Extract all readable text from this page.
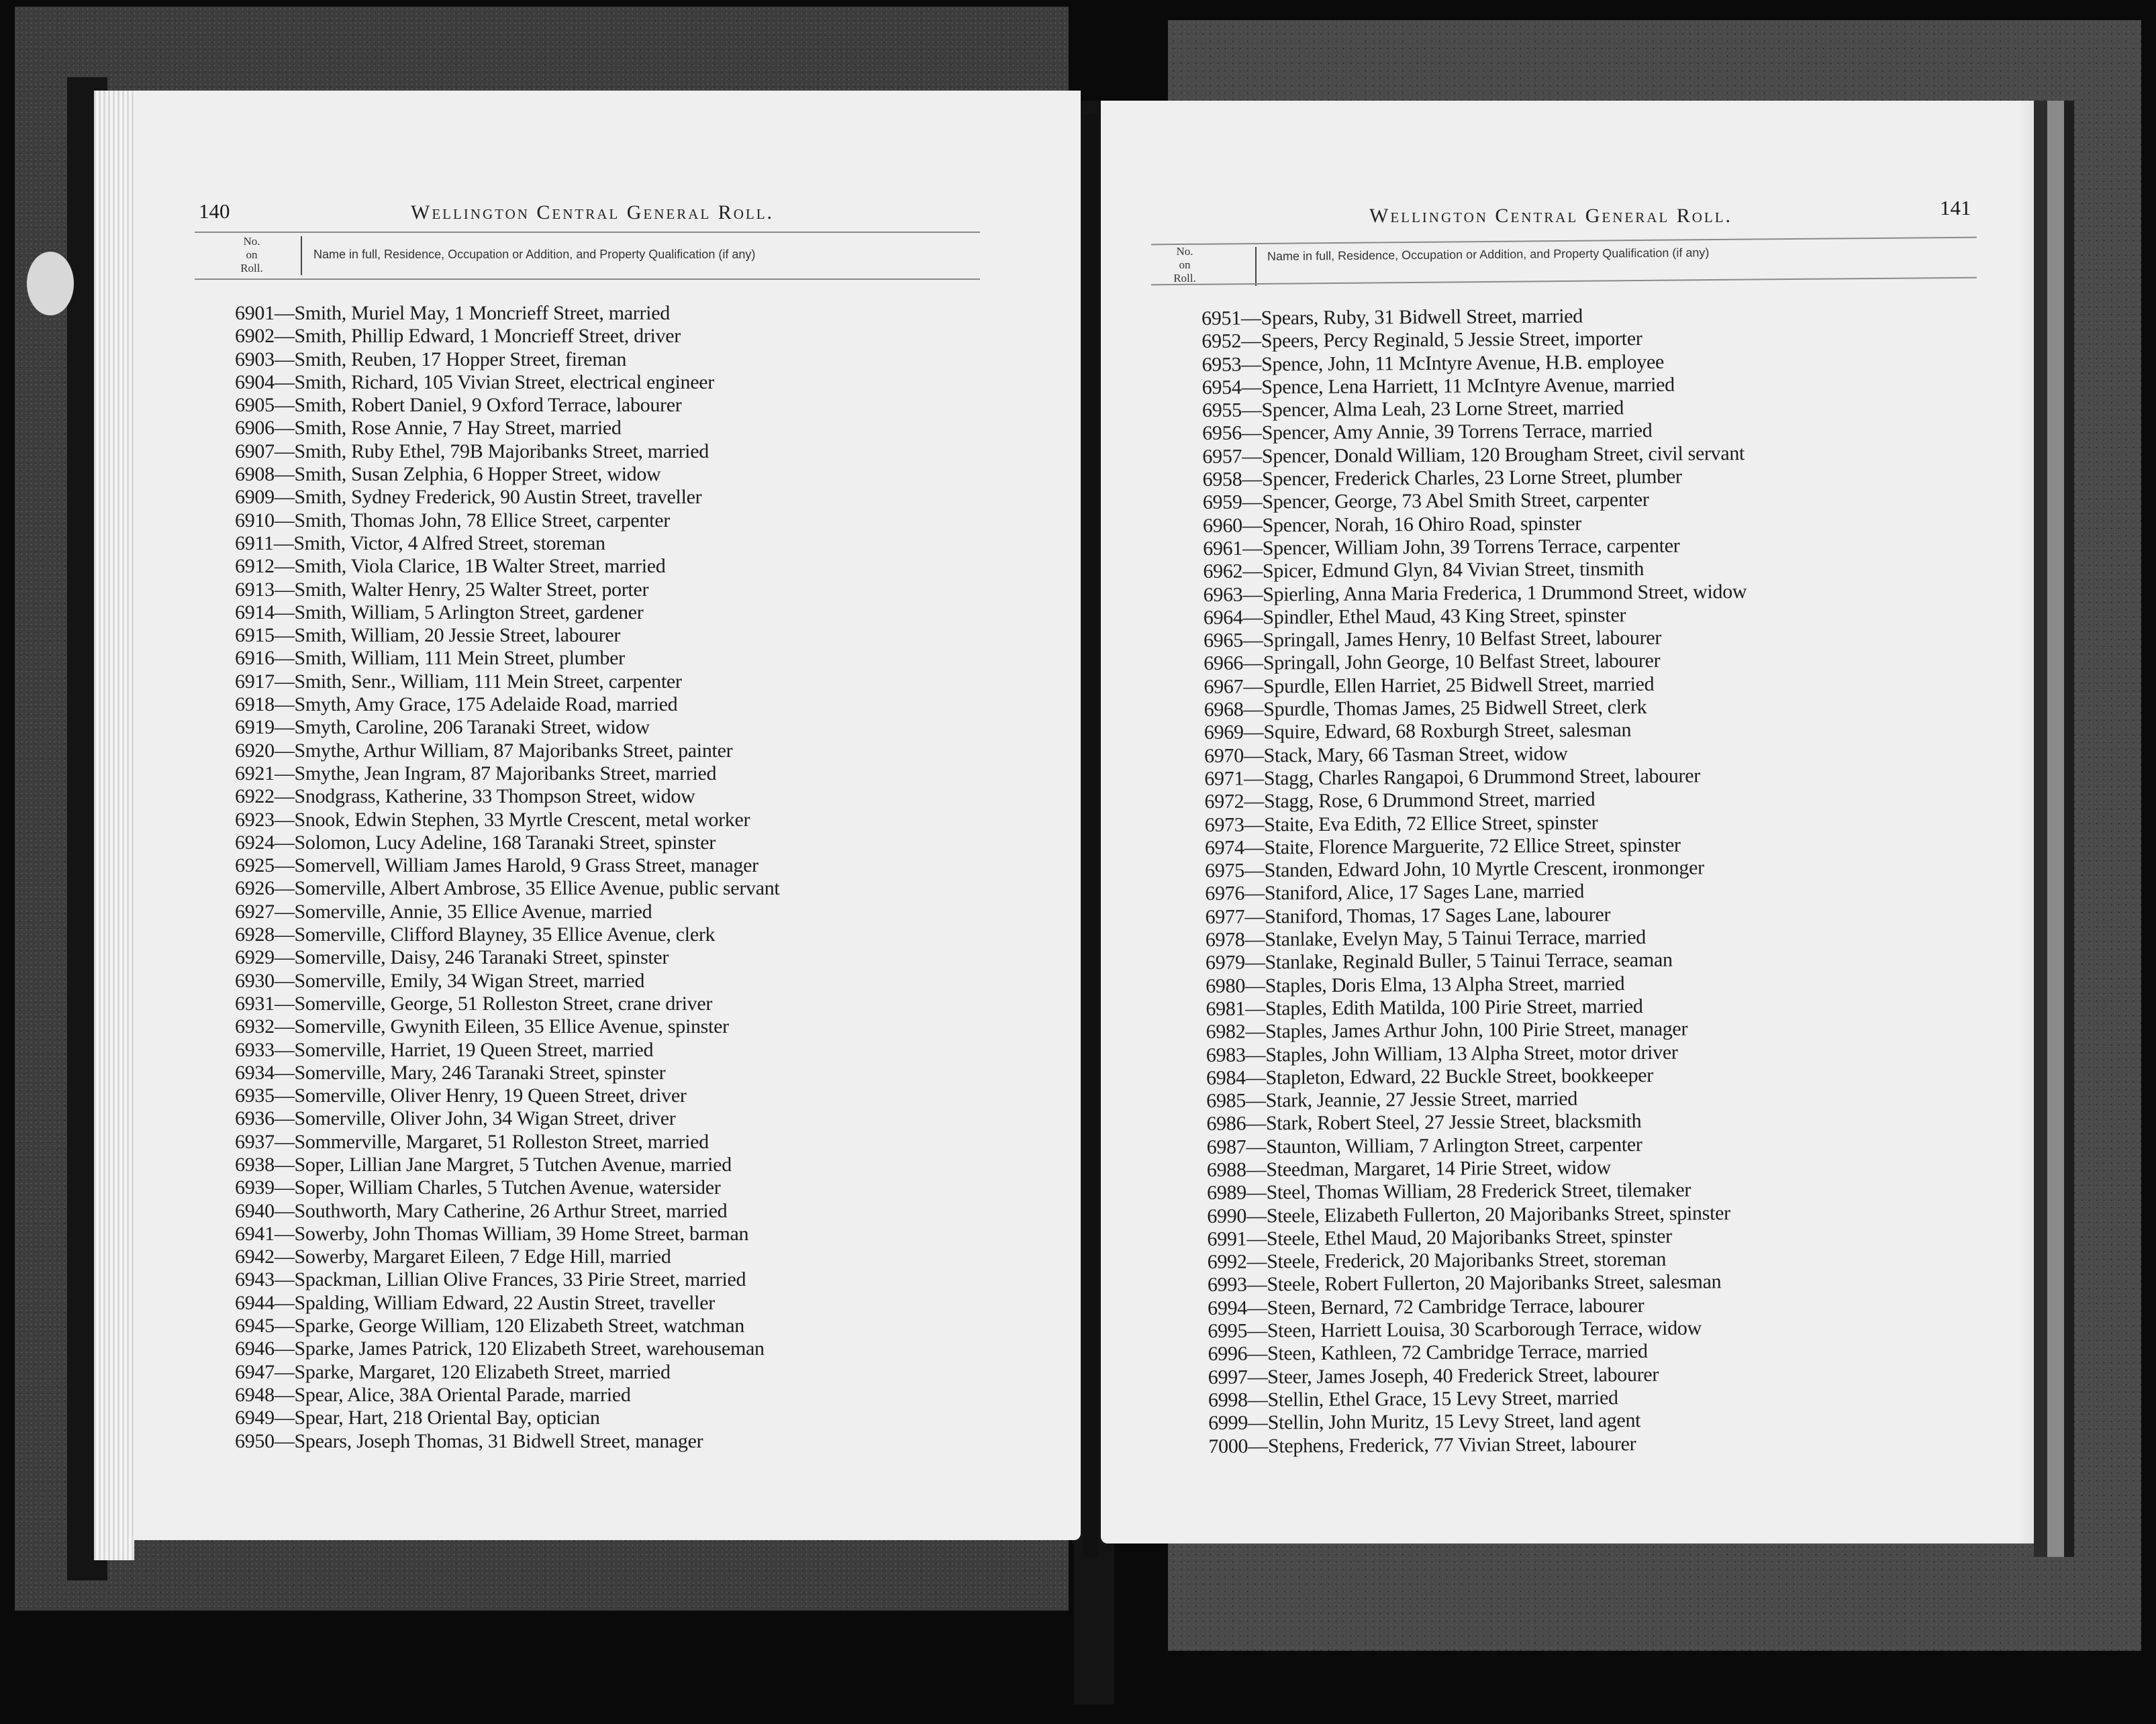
140	Wellington Central General Roll.
No.
on
Roll.
Name in full, Residence, Occupation or Addition, and Property Qualification (if any)
6901—Smith, Muriel May, 1 Moncrieff Street, married
6902—Smith, Phillip Edward, 1 Moncrieff Street, driver
6903—Smith, Reuben, 17 Hopper Street, fireman
6904—Smith, Richard, 105 Vivian Street, electrical engineer
6905—Smith, Robert Daniel, 9 Oxford Terrace, labourer
6906—Smith, Rose Annie, 7 Hay Street, married
6907—Smith, Ruby Ethel, 79B Majoribanks Street, married
6908—Smith, Susan Zelphia, 6 Hopper Street, widow
6909—Smith, Sydney Frederick, 90 Austin Street, traveller
6910—Smith, Thomas John, 78 Ellice Street, carpenter
6911—Smith, Victor, 4 Alfred Street, storeman
6912—Smith, Viola Clarice, 1B Walter Street, married
6913—Smith, Walter Henry, 25 Walter Street, porter
6914—Smith, William, 5 Arlington Street, gardener
6915—Smith, William, 20 Jessie Street, labourer
6916—Smith, William, 111 Mein Street, plumber
6917—Smith, Senr., William, 111 Mein Street, carpenter
6918—Smyth, Amy Grace, 175 Adelaide Road, married
6919—Smyth, Caroline, 206 Taranaki Street, widow
6920—Smythe, Arthur William, 87 Majoribanks Street, painter
6921—Smythe, Jean Ingram, 87 Majoribanks Street, married
6922—Snodgrass, Katherine, 33 Thompson Street, widow
6923—Snook, Edwin Stephen, 33 Myrtle Crescent, metal worker
6924—Solomon, Lucy Adeline, 168 Taranaki Street, spinster
6925—Somervell, William James Harold, 9 Grass Street, manager
6926—Somerville, Albert Ambrose, 35 Ellice Avenue, public servant
6927—Somerville, Annie, 35 Ellice Avenue, married
6928—Somerville, Clifford Blayney, 35 Ellice Avenue, clerk
6929—Somerville, Daisy, 246 Taranaki Street, spinster
6930—Somerville, Emily, 34 Wigan Street, married
6931—Somerville, George, 51 Rolleston Street, crane driver
6932—Somerville, Gwynith Eileen, 35 Ellice Avenue, spinster
6933—Somerville, Harriet, 19 Queen Street, married
6934—Somerville, Mary, 246 Taranaki Street, spinster
6935—Somerville, Oliver Henry, 19 Queen Street, driver
6936—Somerville, Oliver John, 34 Wigan Street, driver
6937—Sommerville, Margaret, 51 Rolleston Street, married
6938—Soper, Lillian Jane Margret, 5 Tutchen Avenue, married
6939—Soper, William Charles, 5 Tutchen Avenue, watersider
6940—Southworth, Mary Catherine, 26 Arthur Street, married
6941—Sowerby, John Thomas William, 39 Home Street, barman
6942—Sowerby, Margaret Eileen, 7 Edge Hill, married
6943—Spackman, Lillian Olive Frances, 33 Pirie Street, married
6944—Spalding, William Edward, 22 Austin Street, traveller
6945—Sparke, George William, 120 Elizabeth Street, watchman
6946—Sparke, James Patrick, 120 Elizabeth Street, warehouseman
6947—Sparke, Margaret, 120 Elizabeth Street, married
6948—Spear, Alice, 38A Oriental Parade, married
6949—Spear, Hart, 218 Oriental Bay, optician
6950—Spears, Joseph Thomas, 31 Bidwell Street, manager
141
Wellington Central General Roll.
No.
on
Roll.
Name in full, Residence, Occupation or Addition, and Property Qualification (if any)
6951—Spears, Ruby, 31 Bidwell Street, married
6952—Speers, Percy Reginald, 5 Jessie Street, importer
6953—Spence, John, 11 McIntyre Avenue, H.B. employee
6954—Spence, Lena Harriett, 11 McIntyre Avenue, married
6955—Spencer, Alma Leah, 23 Lorne Street, married
6956—Spencer, Amy Annie, 39 Torrens Terrace, married
6957—Spencer, Donald William, 120 Brougham Street, civil servant
6958—Spencer, Frederick Charles, 23 Lorne Street, plumber
6959—Spencer, George, 73 Abel Smith Street, carpenter
6960—Spencer, Norah, 16 Ohiro Road, spinster
6961—Spencer, William John, 39 Torrens Terrace, carpenter
6962—Spicer, Edmund Glyn, 84 Vivian Street, tinsmith
6963—Spierling, Anna Maria Frederica, 1 Drummond Street, widow
6964—Spindler, Ethel Maud, 43 King Street, spinster
6965—Springall, James Henry, 10 Belfast Street, labourer
6966—Springall, John George, 10 Belfast Street, labourer
6967—Spurdle, Ellen Harriet, 25 Bidwell Street, married
6968—Spurdle, Thomas James, 25 Bidwell Street, clerk
6969—Squire, Edward, 68 Roxburgh Street, salesman
6970—Stack, Mary, 66 Tasman Street, widow
6971—Stagg, Charles Rangapoi, 6 Drummond Street, labourer
6972—Stagg, Rose, 6 Drummond Street, married
6973—Staite, Eva Edith, 72 Ellice Street, spinster
6974—Staite, Florence Marguerite, 72 Ellice Street, spinster
6975—Standen, Edward John, 10 Myrtle Crescent, ironmonger
6976—Staniford, Alice, 17 Sages Lane, married
6977—Staniford, Thomas, 17 Sages Lane, labourer
6978—Stanlake, Evelyn May, 5 Tainui Terrace, married
6979—Stanlake, Reginald Buller, 5 Tainui Terrace, seaman
6980—Staples, Doris Elma, 13 Alpha Street, married
6981—Staples, Edith Matilda, 100 Pirie Street, married
6982—Staples, James Arthur John, 100 Pirie Street, manager
6983—Staples, John William, 13 Alpha Street, motor driver
6984—Stapleton, Edward, 22 Buckle Street, bookkeeper
6985—Stark, Jeannie, 27 Jessie Street, married
6986—Stark, Robert Steel, 27 Jessie Street, blacksmith
6987—Staunton, William, 7 Arlington Street, carpenter
6988—Steedman, Margaret, 14 Pirie Street, widow
6989—Steel, Thomas William, 28 Frederick Street, tilemaker
6990—Steele, Elizabeth Fullerton, 20 Majoribanks Street, spinster
6991—Steele, Ethel Maud, 20 Majoribanks Street, spinster
6992—Steele, Frederick, 20 Majoribanks Street, storeman
6993—Steele, Robert Fullerton, 20 Majoribanks Street, salesman
6994—Steen, Bernard, 72 Cambridge Terrace, labourer
6995—Steen, Harriett Louisa, 30 Scarborough Terrace, widow
6996—Steen, Kathleen, 72 Cambridge Terrace, married
6997—Steer, James Joseph, 40 Frederick Street, labourer
6998—Stellin, Ethel Grace, 15 Levy Street, married
6999—Stellin, John Muritz, 15 Levy Street, land agent
7000—Stephens, Frederick, 77 Vivian Street, labourer
